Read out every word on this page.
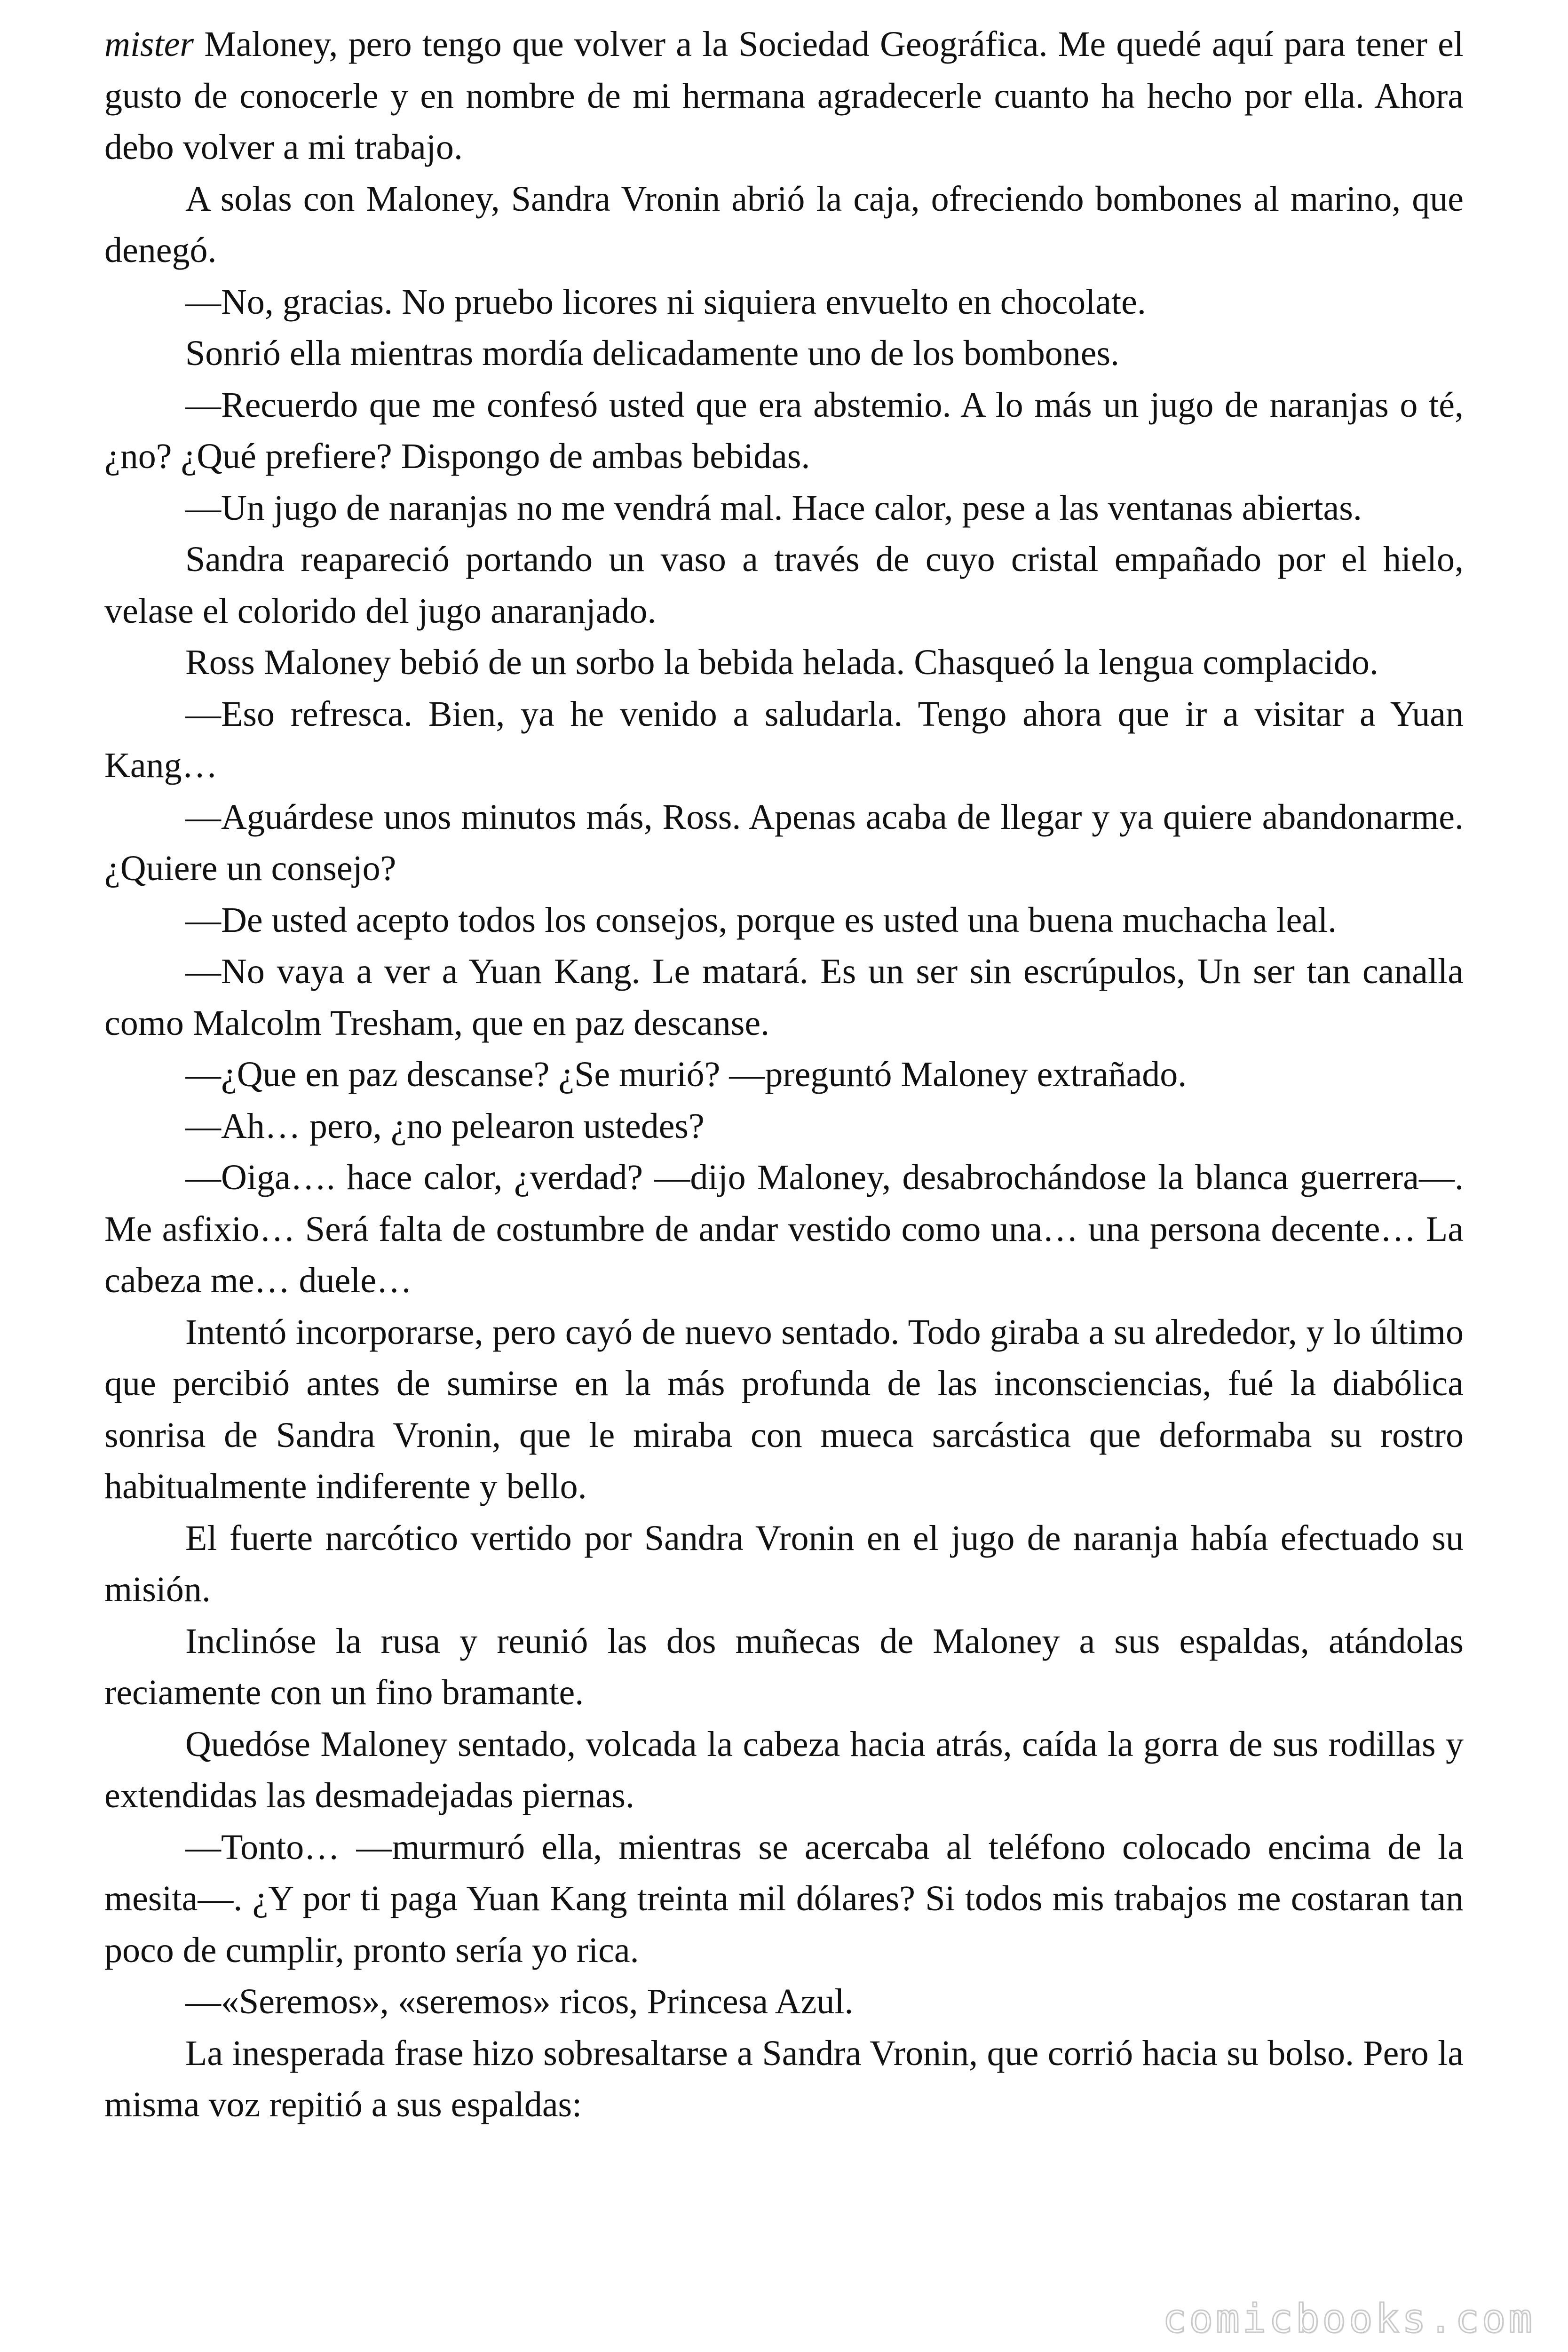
mister Maloney, pero tengo que volver a la Sociedad Geográfica. Me quedé aquí para tener el gusto de conocerle y en nombre de mi hermana agradecerle cuanto ha hecho por ella. Ahora debo volver a mi trabajo.

A solas con Maloney, Sandra Vronin abrió la caja, ofreciendo bombones al marino, que denegó.

—No, gracias. No pruebo licores ni siquiera envuelto en chocolate.

Sonrió ella mientras mordía delicadamente uno de los bombones.

—Recuerdo que me confesó usted que era abstemio. A lo más un jugo de naranjas o té, ¿no? ¿Qué prefiere? Dispongo de ambas bebidas.

—Un jugo de naranjas no me vendrá mal. Hace calor, pese a las ventanas abiertas.

Sandra reapareció portando un vaso a través de cuyo cristal empañado por el hielo, velase el colorido del jugo anaranjado.

Ross Maloney bebió de un sorbo la bebida helada. Chasqueó la lengua complacido.

—Eso refresca. Bien, ya he venido a saludarla. Tengo ahora que ir a visitar a Yuan Kang…

—Aguárdese unos minutos más, Ross. Apenas acaba de llegar y ya quiere abandonarme. ¿Quiere un consejo?

—De usted acepto todos los consejos, porque es usted una buena muchacha leal.

—No vaya a ver a Yuan Kang. Le matará. Es un ser sin escrúpulos, Un ser tan canalla como Malcolm Tresham, que en paz descanse.

—¿Que en paz descanse? ¿Se murió? —preguntó Maloney extrañado.

—Ah… pero, ¿no pelearon ustedes?

—Oiga…. hace calor, ¿verdad? —dijo Maloney, desabrochándose la blanca guerrera—. Me asfixio… Será falta de costumbre de andar vestido como una… una persona decente… La cabeza me… duele…

Intentó incorporarse, pero cayó de nuevo sentado. Todo giraba a su alrededor, y lo último que percibió antes de sumirse en la más profunda de las inconsciencias, fué la diabólica sonrisa de Sandra Vronin, que le miraba con mueca sarcástica que deformaba su rostro habitualmente indiferente y bello.

El fuerte narcótico vertido por Sandra Vronin en el jugo de naranja había efectuado su misión.

Inclinóse la rusa y reunió las dos muñecas de Maloney a sus espaldas, atándolas reciamente con un fino bramante.

Quedóse Maloney sentado, volcada la cabeza hacia atrás, caída la gorra de sus rodillas y extendidas las desmadejadas piernas.

—Tonto… —murmuró ella, mientras se acercaba al teléfono colocado encima de la mesita—. ¿Y por ti paga Yuan Kang treinta mil dólares? Si todos mis trabajos me costaran tan poco de cumplir, pronto sería yo rica.

—«Seremos», «seremos» ricos, Princesa Azul.

La inesperada frase hizo sobresaltarse a Sandra Vronin, que corrió hacia su bolso. Pero la misma voz repitió a sus espaldas:

comicbooks.com
